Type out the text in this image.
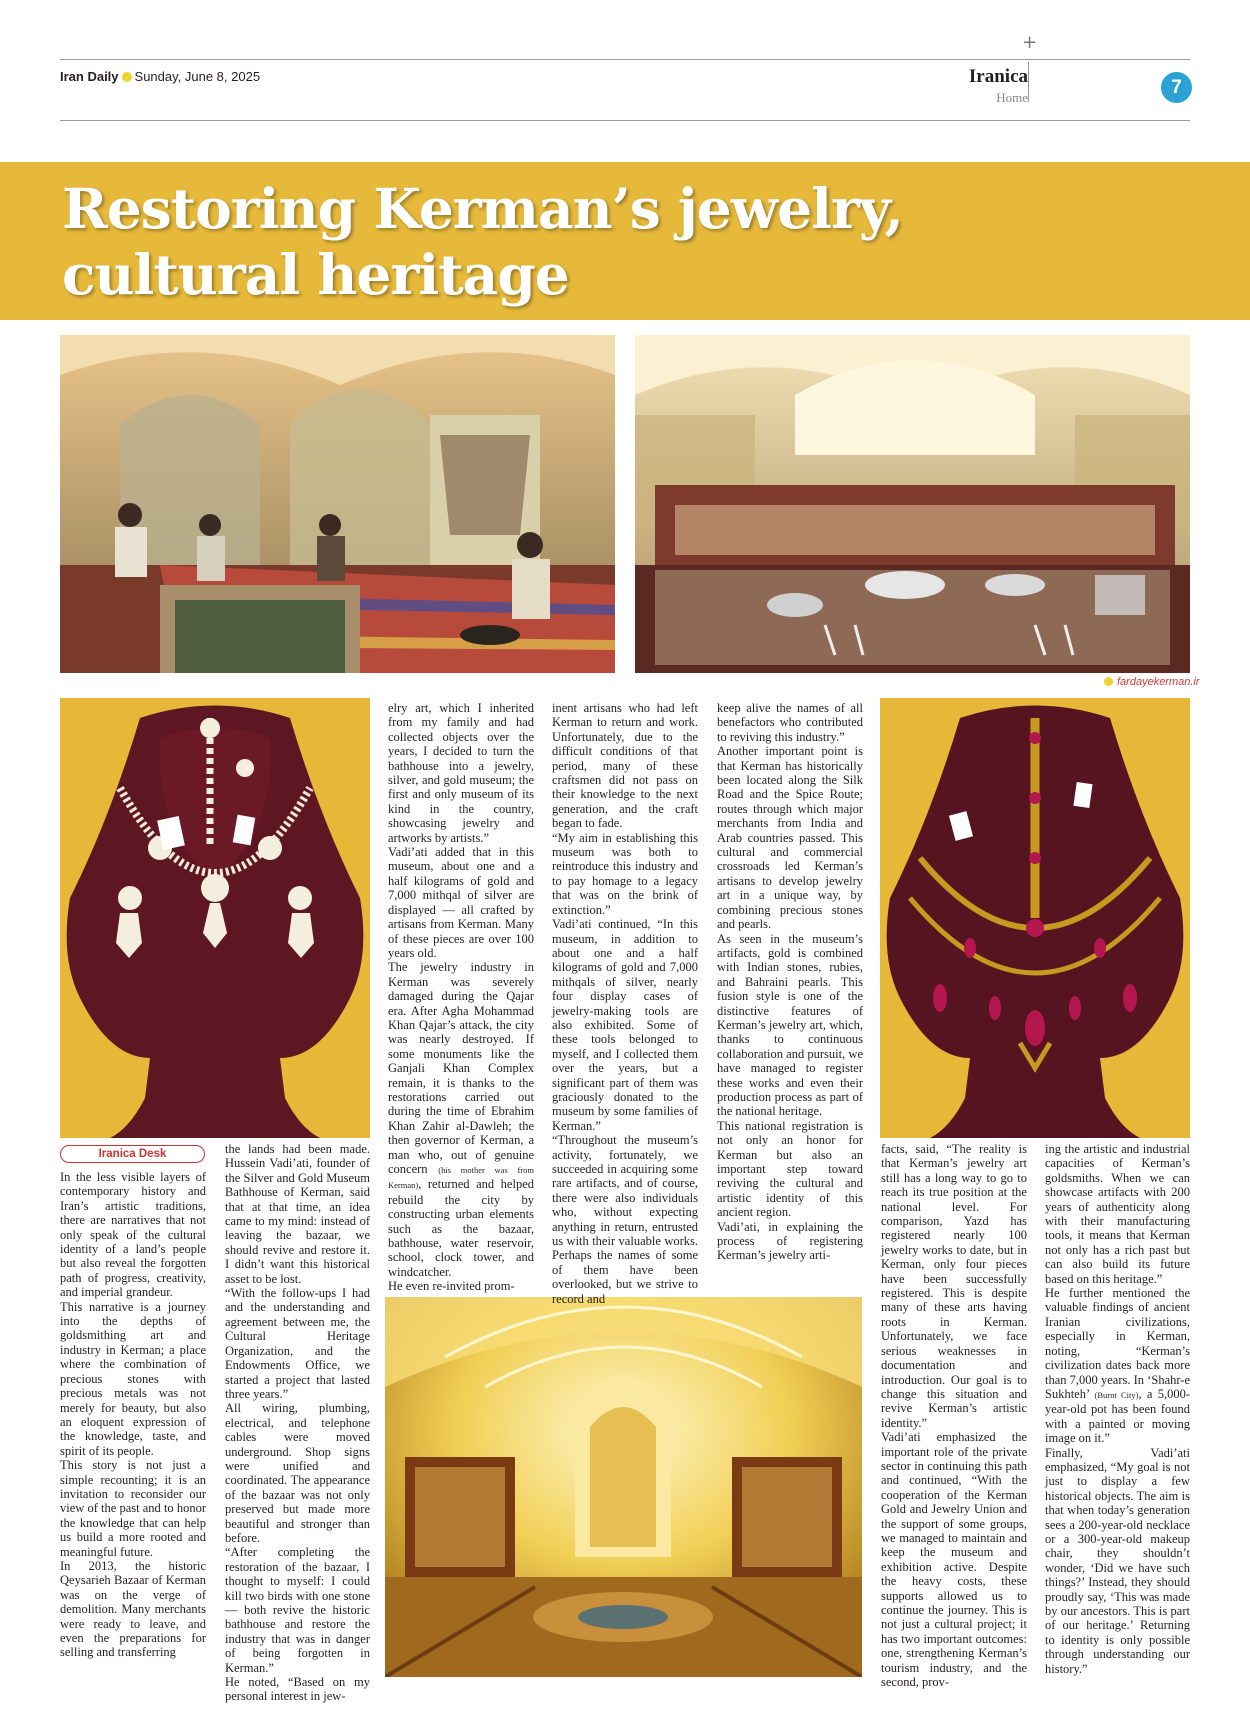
+
Iran Daily Sunday, June 8, 2025	Iranica
Home	7
Restoring Kerman’s jewelry,
cultural heritage
fardayekerman.ir
Iranica Desk

In the less visible layers of contemporary history and Iran’s artistic traditions, there are narratives that not only speak of the cultural identity of a land’s people but also reveal the forgotten path of progress, creativity, and imperial grandeur.

This narrative is a journey into the depths of goldsmithing art and industry in Kerman; a place where the combination of precious stones with precious metals was not merely for beauty, but also an eloquent expression of the knowledge, taste, and spirit of its people.

This story is not just a simple recounting; it is an invitation to reconsider our view of the past and to honor the knowledge that can help us build a more rooted and meaningful future.

In 2013, the historic Qeysarieh Bazaar of Kerman was on the verge of demolition. Many merchants were ready to leave, and even the preparations for selling and transferring

the lands had been made. Hussein Vadi’ati, founder of the Silver and Gold Museum Bathhouse of Kerman, said that at that time, an idea came to my mind: instead of leaving the bazaar, we should revive and restore it. I didn’t want this historical asset to be lost.

“With the follow-ups I had and the understanding and agreement between me, the Cultural Heritage Organization, and the Endowments Office, we started a project that lasted three years.”

All wiring, plumbing, electrical, and telephone cables were moved underground. Shop signs were unified and coordinated. The appearance of the bazaar was not only preserved but made more beautiful and stronger than before.

“After completing the restoration of the bazaar, I thought to myself: I could kill two birds with one stone — both revive the historic bathhouse and restore the industry that was in danger of being forgotten in Kerman.”

He noted, “Based on my personal interest in jew-

elry art, which I inherited from my family and had collected objects over the years, I decided to turn the bathhouse into a jewelry, silver, and gold museum; the first and only museum of its kind in the country, showcasing jewelry and artworks by artists.”

Vadi’ati added that in this museum, about one and a half kilograms of gold and 7,000 mithqal of silver are displayed — all crafted by artisans from Kerman. Many of these pieces are over 100 years old.

The jewelry industry in Kerman was severely damaged during the Qajar era. After Agha Mohammad Khan Qajar’s attack, the city was nearly destroyed. If some monuments like the Ganjali Khan Complex remain, it is thanks to the restorations carried out during the time of Ebrahim Khan Zahir al-Dawleh; the then governor of Kerman, a man who, out of genuine concern (his mother was from Kerman), returned and helped rebuild the city by constructing urban elements such as the bazaar, bathhouse, water reservoir, school, clock tower, and windcatcher.

He even re-invited prom-

inent artisans who had left Kerman to return and work. Unfortunately, due to the difficult conditions of that period, many of these craftsmen did not pass on their knowledge to the next generation, and the craft began to fade.

“My aim in establishing this museum was both to reintroduce this industry and to pay homage to a legacy that was on the brink of extinction.”

Vadi’ati continued, “In this museum, in addition to about one and a half kilograms of gold and 7,000 mithqals of silver, nearly four display cases of jewelry-making tools are also exhibited. Some of these tools belonged to myself, and I collected them over the years, but a significant part of them was graciously donated to the museum by some families of Kerman.”

“Throughout the museum’s activity, fortunately, we succeeded in acquiring some rare artifacts, and of course, there were also individuals who, without expecting anything in return, entrusted us with their valuable works. Perhaps the names of some of them have been overlooked, but we strive to record and

keep alive the names of all benefactors who contributed to reviving this industry.”

Another important point is that Kerman has historically been located along the Silk Road and the Spice Route; routes through which major merchants from India and Arab countries passed. This cultural and commercial crossroads led Kerman’s artisans to develop jewelry art in a unique way, by combining precious stones and pearls.

As seen in the museum’s artifacts, gold is combined with Indian stones, rubies, and Bahraini pearls. This fusion style is one of the distinctive features of Kerman’s jewelry art, which, thanks to continuous collaboration and pursuit, we have managed to register these works and even their production process as part of the national heritage.

This national registration is not only an honor for Kerman but also an important step toward reviving the cultural and artistic identity of this ancient region.

Vadi’ati, in explaining the process of registering Kerman’s jewelry arti-

facts, said, “The reality is that Kerman’s jewelry art still has a long way to go to reach its true position at the national level. For comparison, Yazd has registered nearly 100 jewelry works to date, but in Kerman, only four pieces have been successfully registered. This is despite many of these arts having roots in Kerman. Unfortunately, we face serious weaknesses in documentation and introduction. Our goal is to change this situation and revive Kerman’s artistic identity.”

Vadi’ati emphasized the important role of the private sector in continuing this path and continued, “With the cooperation of the Kerman Gold and Jewelry Union and the support of some groups, we managed to maintain and keep the museum and exhibition active. Despite the heavy costs, these supports allowed us to continue the journey. This is not just a cultural project; it has two important outcomes: one, strengthening Kerman’s tourism industry, and the second, prov-

ing the artistic and industrial capacities of Kerman’s goldsmiths. When we can showcase artifacts with 200 years of authenticity along with their manufacturing tools, it means that Kerman not only has a rich past but can also build its future based on this heritage.”

He further mentioned the valuable findings of ancient Iranian civilizations, especially in Kerman, noting, “Kerman’s civilization dates back more than 7,000 years. In ‘Shahr-e Sukhteh’ (Burnt City), a 5,000-year-old pot has been found with a painted or moving image on it.”

Finally, Vadi’ati emphasized, “My goal is not just to display a few historical objects. The aim is that when today’s generation sees a 200-year-old necklace or a 300-year-old makeup chair, they shouldn’t wonder, ‘Did we have such things?’ Instead, they should proudly say, ‘This was made by our ancestors. This is part of our heritage.’ Returning to identity is only possible through understanding our history.”
